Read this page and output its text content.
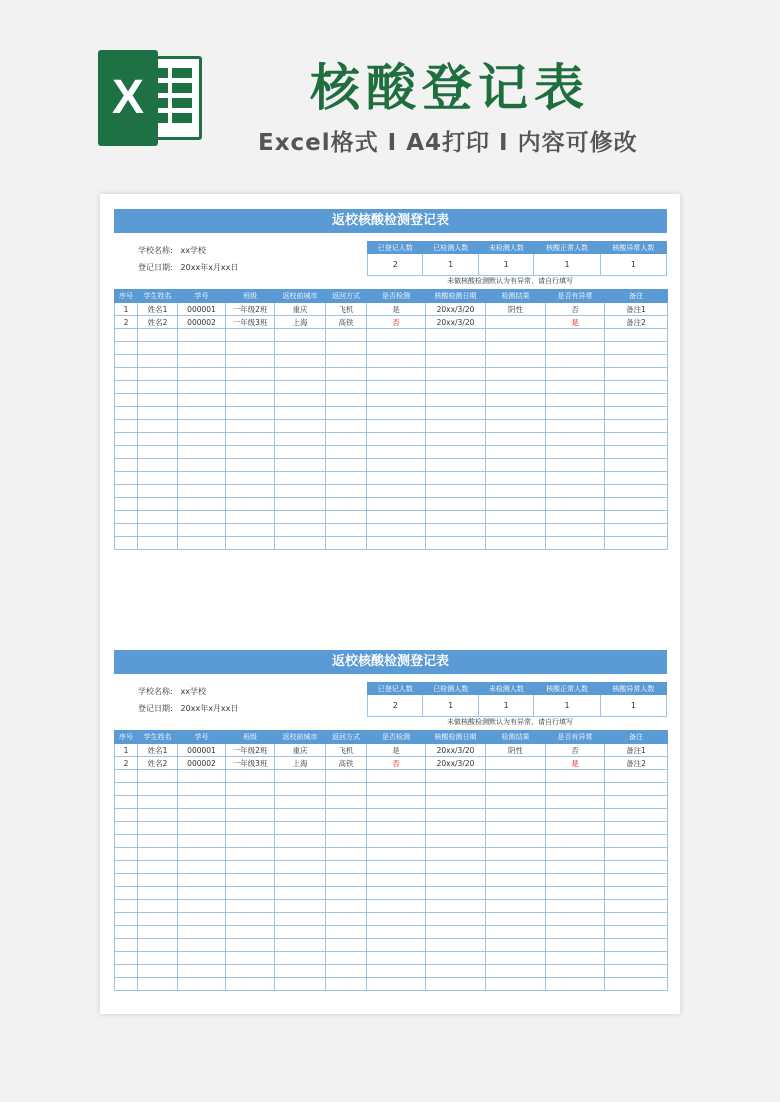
X	核酸登记表
Excel格式 I A4打印 I 内容可修改
返校核酸检测登记表
学校名称: xx学校
登记日期: 20xx年x月xx日
已登记人数	已检测人数	未检测人数	核酸正常人数	核酸异常人数
2	1	1	1	1
未做核酸检测默认为有异常，请自行填写
序号	学生姓名	学号	班级	返校前城市	返回方式	是否检测	核酸检测日期	检测结果	是否有异常	备注
1	姓名1	000001	一年级2班	重庆	飞机	是	20xx/3/20	阴性	否	备注1
2	姓名2	000002	一年级3班	上海	高铁	否	20xx/3/20		是	备注2

返校核酸检测登记表
学校名称: xx学校
登记日期: 20xx年x月xx日
已登记人数	已检测人数	未检测人数	核酸正常人数	核酸异常人数
2	1	1	1	1
未做核酸检测默认为有异常，请自行填写
序号	学生姓名	学号	班级	返校前城市	返回方式	是否检测	核酸检测日期	检测结果	是否有异常	备注
1	姓名1	000001	一年级2班	重庆	飞机	是	20xx/3/20	阴性	否	备注1
2	姓名2	000002	一年级3班	上海	高铁	否	20xx/3/20		是	备注2
